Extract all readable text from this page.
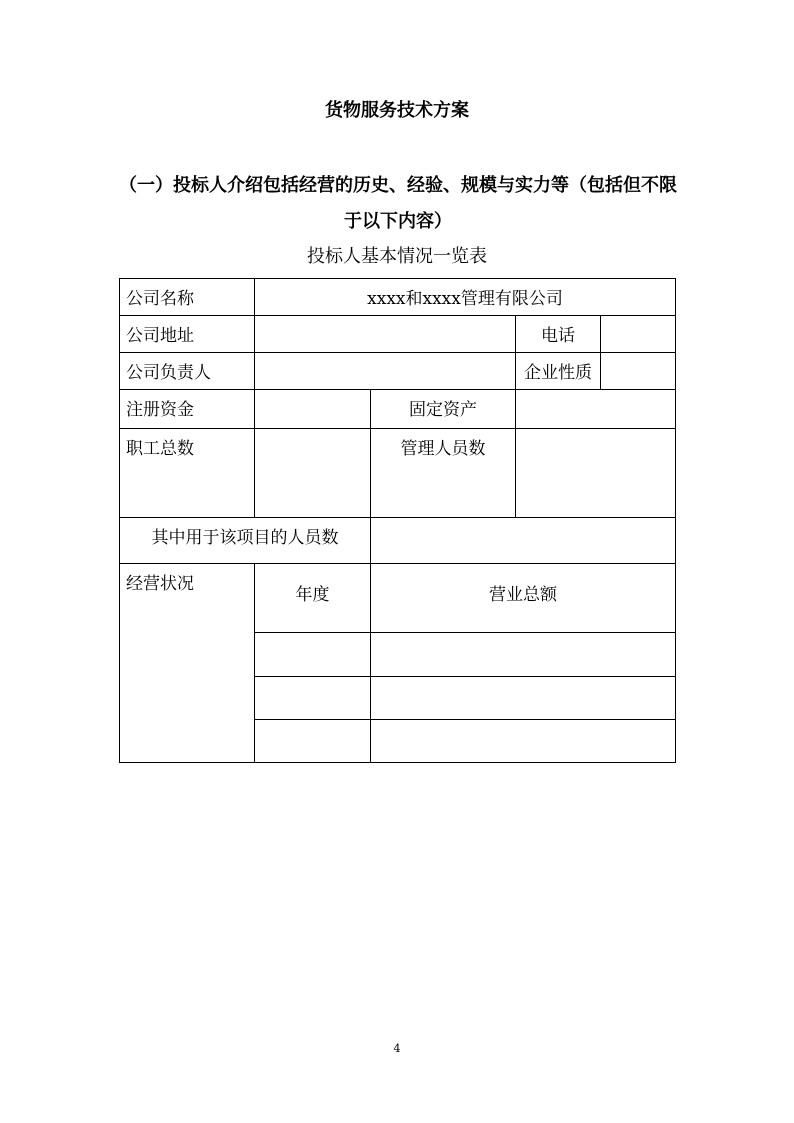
货物服务技术方案
（一）投标人介绍包括经营的历史、经验、规模与实力等（包括但不限于以下内容）
投标人基本情况一览表
公司名称	xxxx和xxxx管理有限公司			
公司地址			电话	
公司负责人			企业性质	
注册资金		固定资产		
职工总数		管理人员数		
其中用于该项目的人员数				
经营状况	年度	营业总额		

4
